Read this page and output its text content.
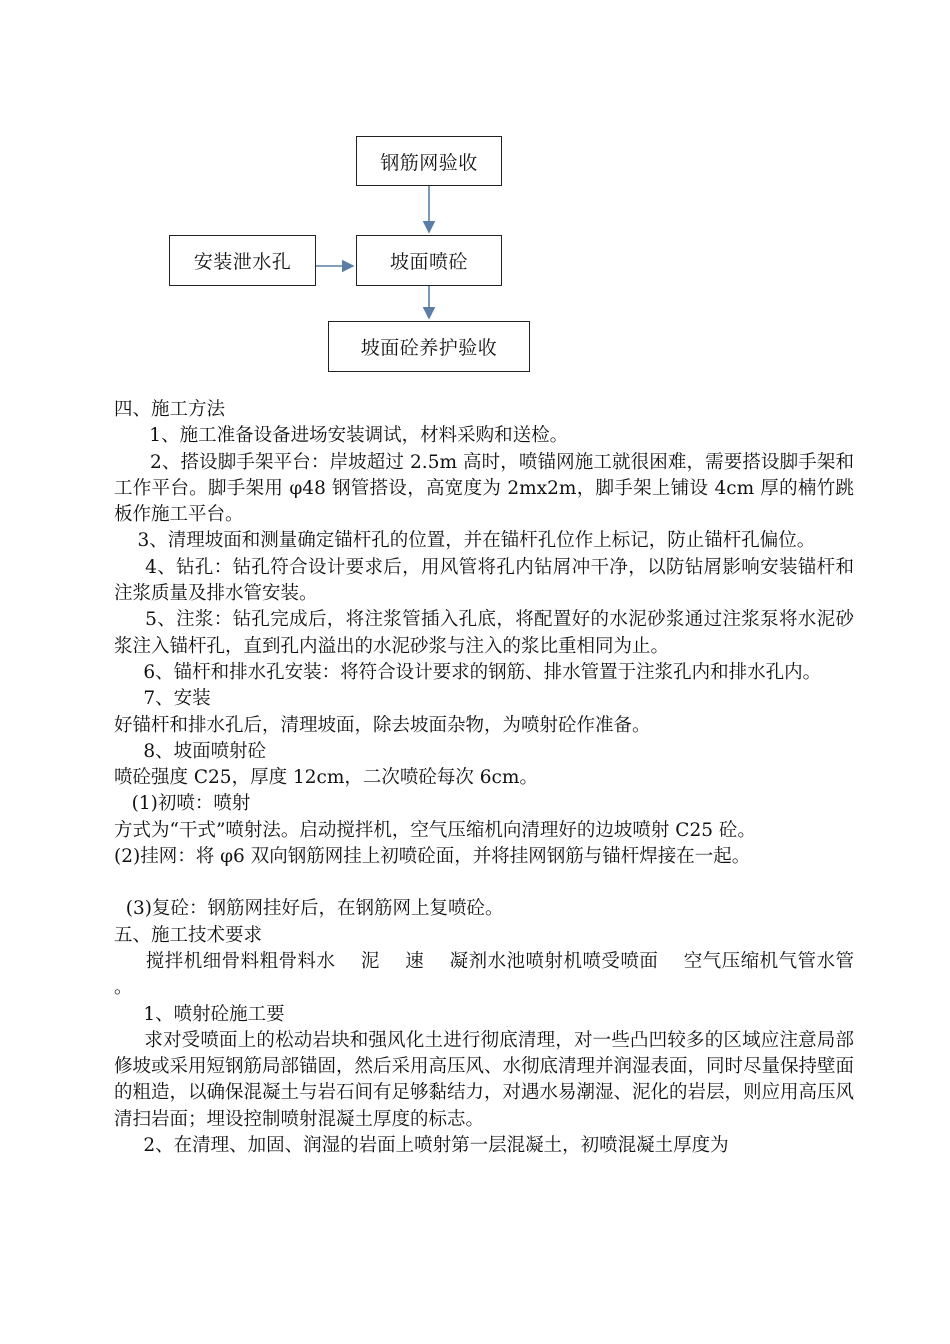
钢筋网验收
安装泄水孔	坡面喷砼
坡面砼养护验收

四、施工方法

1、施工准备设备进场安装调试，材料采购和送检。

2、搭设脚手架平台：岸坡超过 2.5m 高时，喷锚网施工就很困难，需要搭设脚手架和工作平台。脚手架用 φ48 钢管搭设，高宽度为 2mx2m，脚手架上铺设 4cm 厚的楠竹跳板作施工平台。

3、清理坡面和测量确定锚杆孔的位置，并在锚杆孔位作上标记，防止锚杆孔偏位。

4、钻孔：钻孔符合设计要求后，用风管将孔内钻屑冲干净，以防钻屑影响安装锚杆和注浆质量及排水管安装。

5、注浆：钻孔完成后，将注浆管插入孔底，将配置好的水泥砂浆通过注浆泵将水泥砂浆注入锚杆孔，直到孔内溢出的水泥砂浆与注入的浆比重相同为止。

6、锚杆和排水孔安装：将符合设计要求的钢筋、排水管置于注浆孔内和排水孔内。

7、安装

好锚杆和排水孔后，清理坡面，除去坡面杂物，为喷射砼作准备。

8、坡面喷射砼

喷砼强度 C25，厚度 12cm，二次喷砼每次 6cm。

(1)初喷：喷射

方式为“干式”喷射法。启动搅拌机，空气压缩机向清理好的边坡喷射 C25 砼。

(2)挂网：将 φ6 双向钢筋网挂上初喷砼面，并将挂网钢筋与锚杆焊接在一起。

(3)复砼：钢筋网挂好后，在钢筋网上复喷砼。

五、施工技术要求

搅拌机细骨料粗骨料水    泥    速    凝剂水池喷射机喷受喷面    空气压缩机气管水管    。

1、喷射砼施工要

求对受喷面上的松动岩块和强风化土进行彻底清理，对一些凸凹较多的区域应注意局部修坡或采用短钢筋局部锚固，然后采用高压风、水彻底清理并润湿表面，同时尽量保持壁面的粗造，以确保混凝土与岩石间有足够黏结力，对遇水易潮湿、泥化的岩层，则应用高压风清扫岩面；埋设控制喷射混凝土厚度的标志。

2、在清理、加固、润湿的岩面上喷射第一层混凝土，初喷混凝土厚度为
